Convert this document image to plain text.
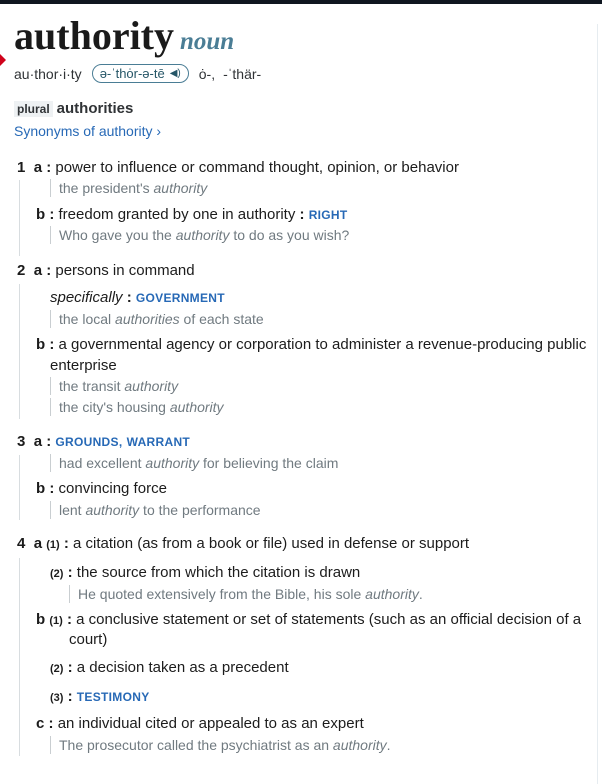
authority noun
au·thor·i·ty ə-ˈthȯr-ə-tē ◀) ȯ-, -ˈthär-
plural authorities
Synonyms of authority ›
1 a : power to influence or command thought, opinion, or behavior
the president's authority
b : freedom granted by one in authority : RIGHT
Who gave you the authority to do as you wish?
2 a : persons in command
specifically : GOVERNMENT
the local authorities of each state
b : a governmental agency or corporation to administer a revenue-producing public
enterprise
the transit authority
the city's housing authority
3 a : GROUNDS, WARRANT
had excellent authority for believing the claim
b : convincing force
lent authority to the performance
4 a (1) : a citation (as from a book or file) used in defense or support
(2) : the source from which the citation is drawn
He quoted extensively from the Bible, his sole authority.
b (1) : a conclusive statement or set of statements (such as an official decision of a
court)
(2) : a decision taken as a precedent
(3) : TESTIMONY
c : an individual cited or appealed to as an expert
The prosecutor called the psychiatrist as an authority.
